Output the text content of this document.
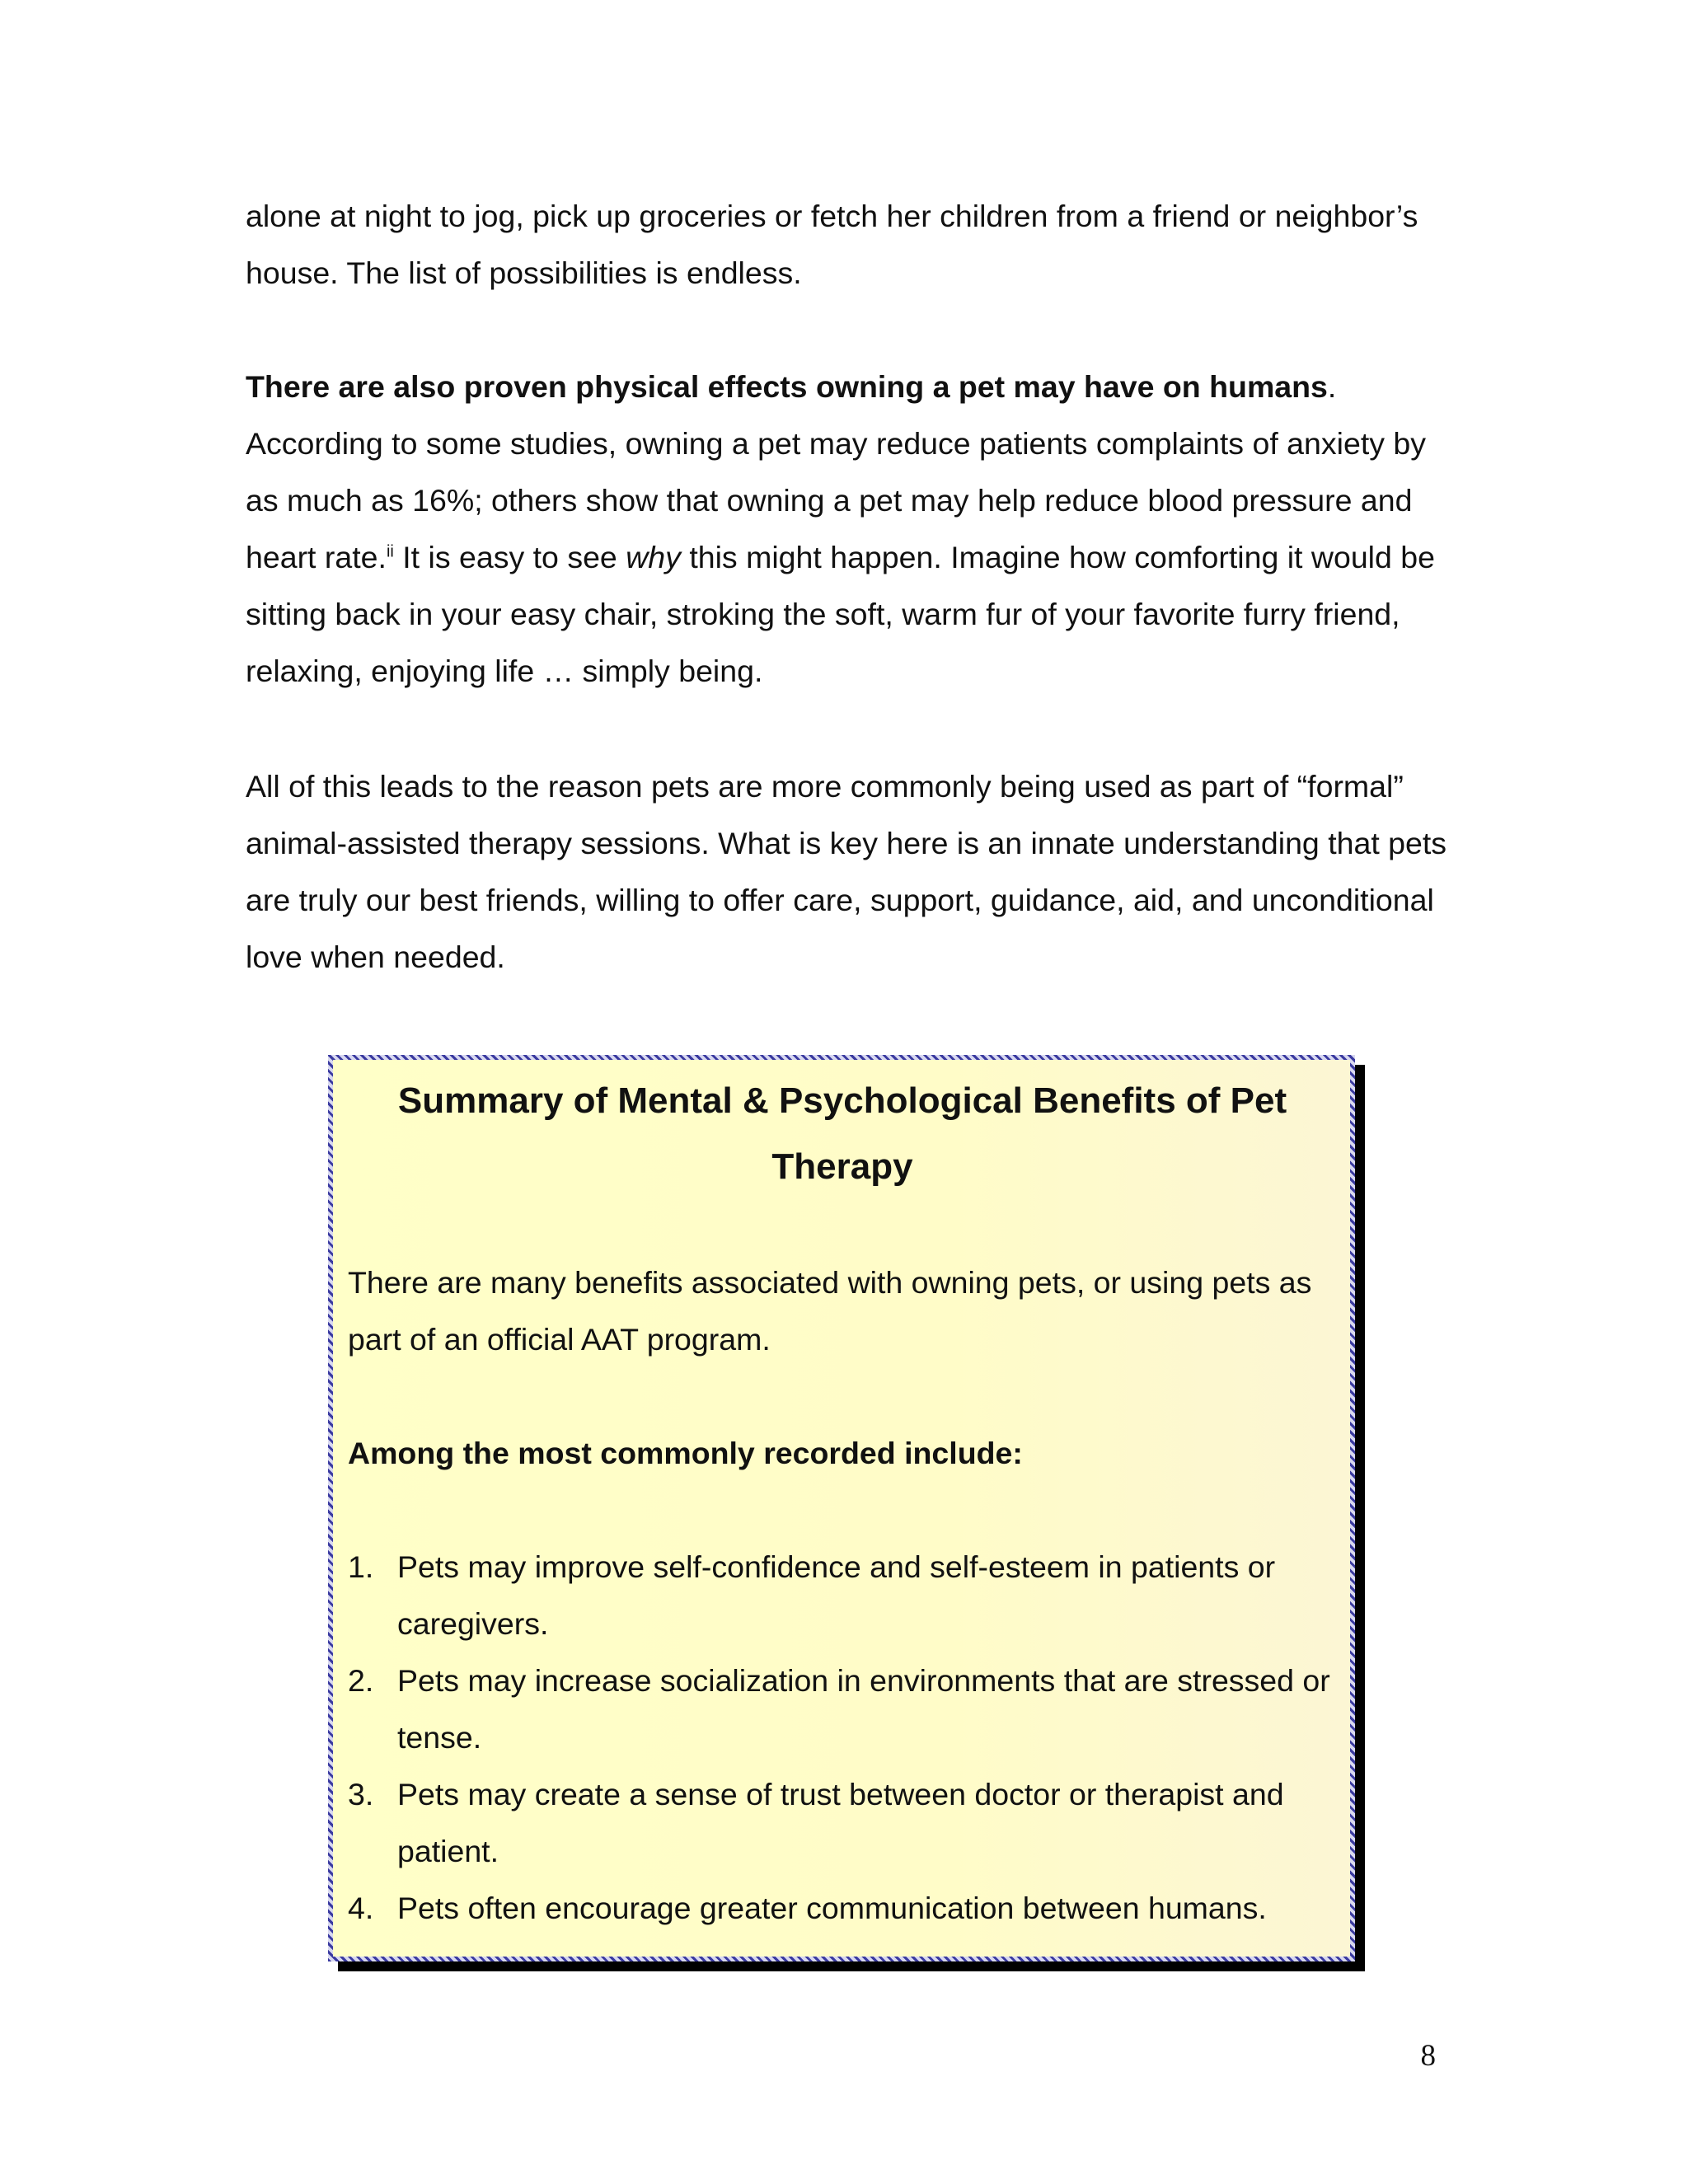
alone at night to jog, pick up groceries or fetch her children from a friend or neighbor’s house. The list of possibilities is endless.

There are also proven physical effects owning a pet may have on humans. According to some studies, owning a pet may reduce patients complaints of anxiety by as much as 16%; others show that owning a pet may help reduce blood pressure and heart rate.$^{ii}$ It is easy to see why this might happen. Imagine how comforting it would be sitting back in your easy chair, stroking the soft, warm fur of your favorite furry friend, relaxing, enjoying life … simply being.

All of this leads to the reason pets are more commonly being used as part of “formal” animal-assisted therapy sessions. What is key here is an innate understanding that pets are truly our best friends, willing to offer care, support, guidance, aid, and unconditional love when needed.

Summary of Mental & Psychological Benefits of Pet Therapy

There are many benefits associated with owning pets, or using pets as part of an official AAT program.

Among the most commonly recorded include:

1. Pets may improve self-confidence and self-esteem in patients or caregivers.
2. Pets may increase socialization in environments that are stressed or tense.
3. Pets may create a sense of trust between doctor or therapist and patient.
4. Pets often encourage greater communication between humans.
8
